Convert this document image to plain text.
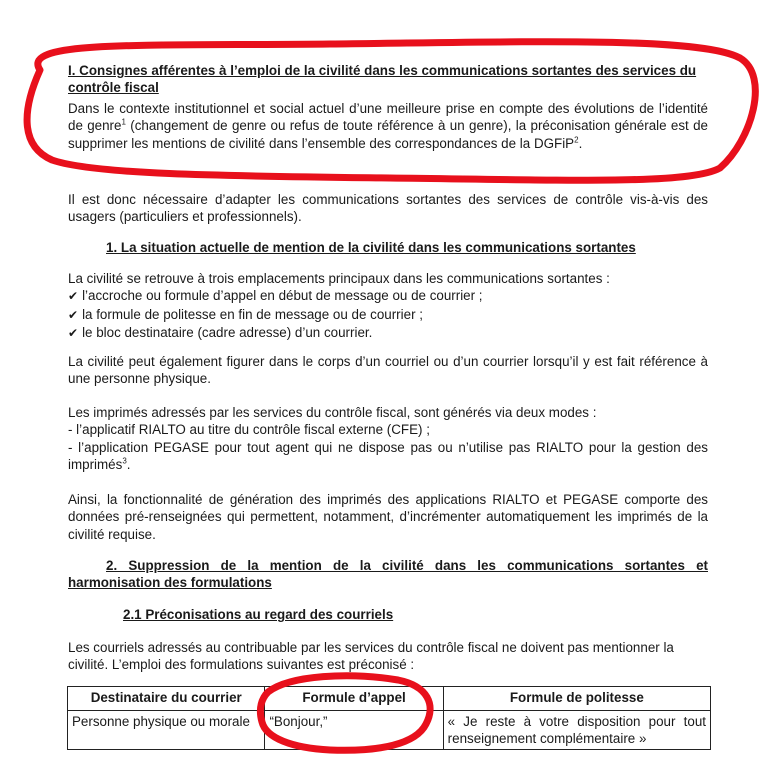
I. Consignes afférentes à l’emploi de la civilité dans les communications sortantes des services du contrôle fiscal
Dans le contexte institutionnel et social actuel d’une meilleure prise en compte des évolutions de l’identité de genre$^1$ (changement de genre ou refus de toute référence à un genre), la préconisation générale est de supprimer les mentions de civilité dans l’ensemble des correspondances de la DGFiP$^2$.
Il est donc nécessaire d’adapter les communications sortantes des services de contrôle vis-à-vis des usagers (particuliers et professionnels).
1. La situation actuelle de mention de la civilité dans les communications sortantes
La civilité se retrouve à trois emplacements principaux dans les communications sortantes :
✔ l’accroche ou formule d’appel en début de message ou de courrier ;
✔ la formule de politesse en fin de message ou de courrier ;
✔ le bloc destinataire (cadre adresse) d’un courrier.
La civilité peut également figurer dans le corps d’un courriel ou d’un courrier lorsqu’il y est fait référence à une personne physique.
Les imprimés adressés par les services du contrôle fiscal, sont générés via deux modes :
- l’applicatif RIALTO au titre du contrôle fiscal externe (CFE) ;
- l’application PEGASE pour tout agent qui ne dispose pas ou n’utilise pas RIALTO pour la gestion des imprimés$^3$.
Ainsi, la fonctionnalité de génération des imprimés des applications RIALTO et PEGASE comporte des données pré-renseignées qui permettent, notamment, d’incrémenter automatiquement les imprimés de la civilité requise.
2. Suppression de la mention de la civilité dans les communications sortantes et harmonisation des formulations
2.1 Préconisations au regard des courriels
Les courriels adressés au contribuable par les services du contrôle fiscal ne doivent pas mentionner la civilité. L’emploi des formulations suivantes est préconisé :
Destinataire du courrier	Formule d’appel	Formule de politesse
Personne physique ou morale	“Bonjour,”	« Je reste à votre disposition pour tout renseignement complémentaire »
